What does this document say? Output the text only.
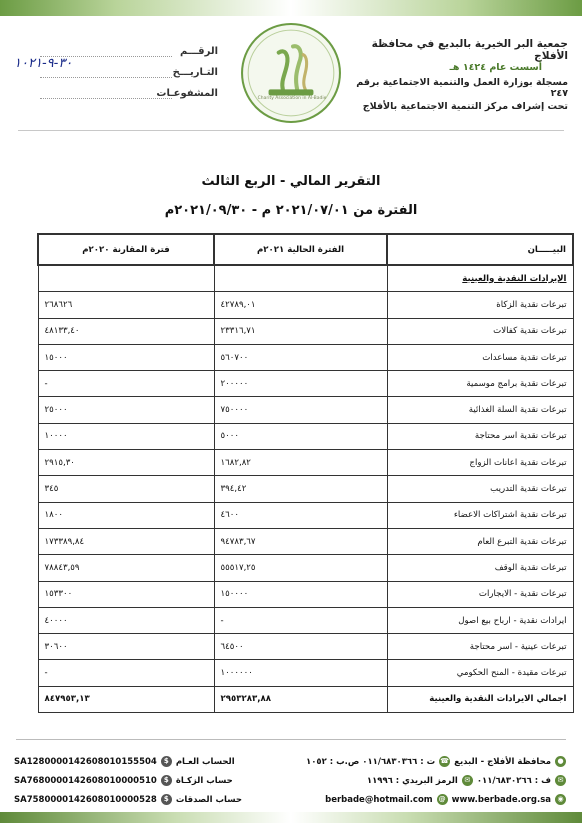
جمعية البر الخيرية بالبديع في محافظة الأفلاج
أسست عام ١٤٢٤ هـ
مسجلة بوزارة العمل والتنمية الاجتماعية برقم ٢٤٧
تحت إشراف مركز التنمية الاجتماعية بالأفلاج
Charity Association in Al-Badie
الرقـــم
التـاريـــخ
المشفوعـات
٣٠-٩-١٠٢١
التقرير المالي - الربع الثالث
الفترة من ٢٠٢١/٠٧/٠١ م - ٢٠٢١/٠٩/٣٠م
البيـــــان	الفترة الحالية ٢٠٢١م	فترة المقارنة ٢٠٢٠م
الإيرادات النقدية والعينية		
تبرعات نقدية الزكاة	٤٢٧٨٩,٠١	٢٦٨٦٢٦
تبرعات نقدية كفالات	٢٣٣١٦,٧١	٤٨١٣٣,٤٠
تبرعات نقدية مساعدات	٥٦٠٧٠٠	١٥٠٠٠
تبرعات نقدية برامج موسمية	٢٠٠٠٠٠	-
تبرعات نقدية السلة الغذائية	٧٥٠٠٠٠	٢٥٠٠٠
تبرعات نقدية اسر محتاجة	٥٠٠٠	١٠٠٠٠
تبرعات نقدية اعانات الزواج	١٦٨٢,٨٢	٢٩١٥,٣٠
تبرعات نقدية التدريب	٣٩٤,٤٢	٣٤٥
تبرعات نقدية اشتراكات الاعضاء	٤٦٠٠	١٨٠٠
تبرعات نقدية التبرع العام	٩٤٧٨٣,٦٧	١٧٣٣٨٩,٨٤
تبرعات نقدية الوقف	٥٥٥١٧,٢٥	٧٨٨٤٣,٥٩
تبرعات نقدية - الايجارات	١٥٠٠٠٠	١٥٣٣٠٠
ايرادات نقدية - ارباح بيع اصول	-	٤٠٠٠٠
تبرعات عينية - اسر محتاجة	٦٤٥٠٠	٣٠٦٠٠
تبرعات مقيدة - المنح الحكومي	١٠٠٠٠٠٠	-
اجمالي الايرادات النقدية والعينية	٢٩٥٣٢٨٣,٨٨	٨٤٧٩٥٣,١٣
SA1280000142608010155504	$ الحساب العـام
SA7680000142608010000510	$ حساب الزكـاة
SA7580000142608010000528	$ حساب الصدقات
●
محافظة الأفلاج - البديع
☎
ت : ٠١١/٦٨٣٠٣٦٦ ص.ب : ١٠٥٢
✉
ف : ٠١١/٦٨٣٠٢٦٦
✉
الرمز البريدي : ١١٩٩٦
◉
www.berbade.org.sa
@
berbade@hotmail.com
